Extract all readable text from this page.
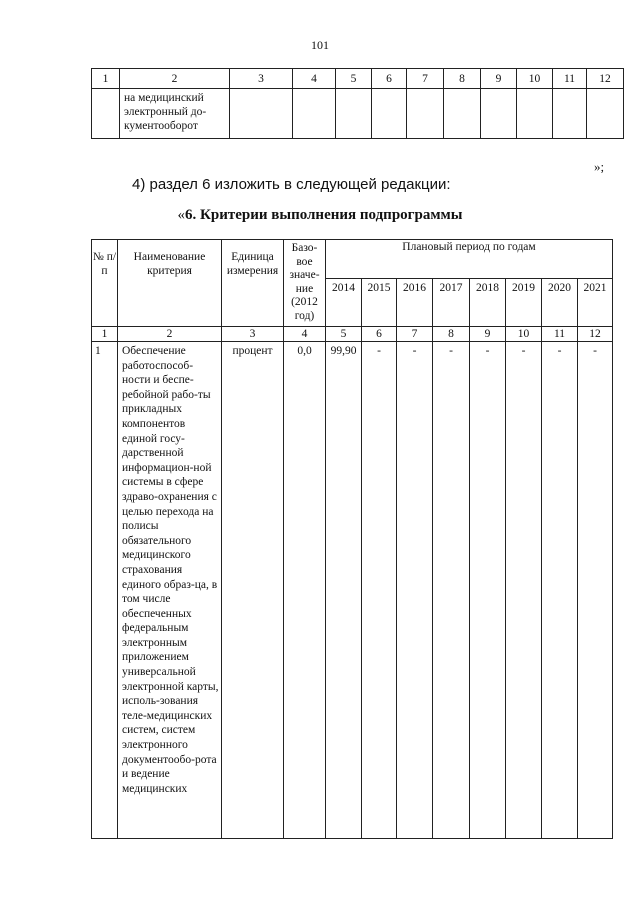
101
1	2	3	4	5	6	7	8	9	10	11	12
	на медицинский электронный до-кументооборот										
»;
4) раздел 6 изложить в следующей редакции:
«6. Критерии выполнения подпрограммы
№ п/п	Наименование критерия	Единица измерения	Базо-вое значе-ние (2012 год)	Плановый период по годам							
				2014	2015	2016	2017	2018	2019	2020	2021
1	2	3	4	5	6	7	8	9	10	11	12
1	Обеспечение работоспособ-ности и беспе-ребойной рабо-ты прикладных компонентов единой госу-дарственной информацион-ной системы в сфере здраво-охранения с целью перехода на полисы обязательного медицинского страхования единого образ-ца, в том числе обеспеченных федеральным электронным приложением универсальной электронной карты, исполь-зования теле-медицинских систем, систем электронного документообо-рота и ведение медицинских	процент	0,0	99,90	-	-	-	-	-	-	-
